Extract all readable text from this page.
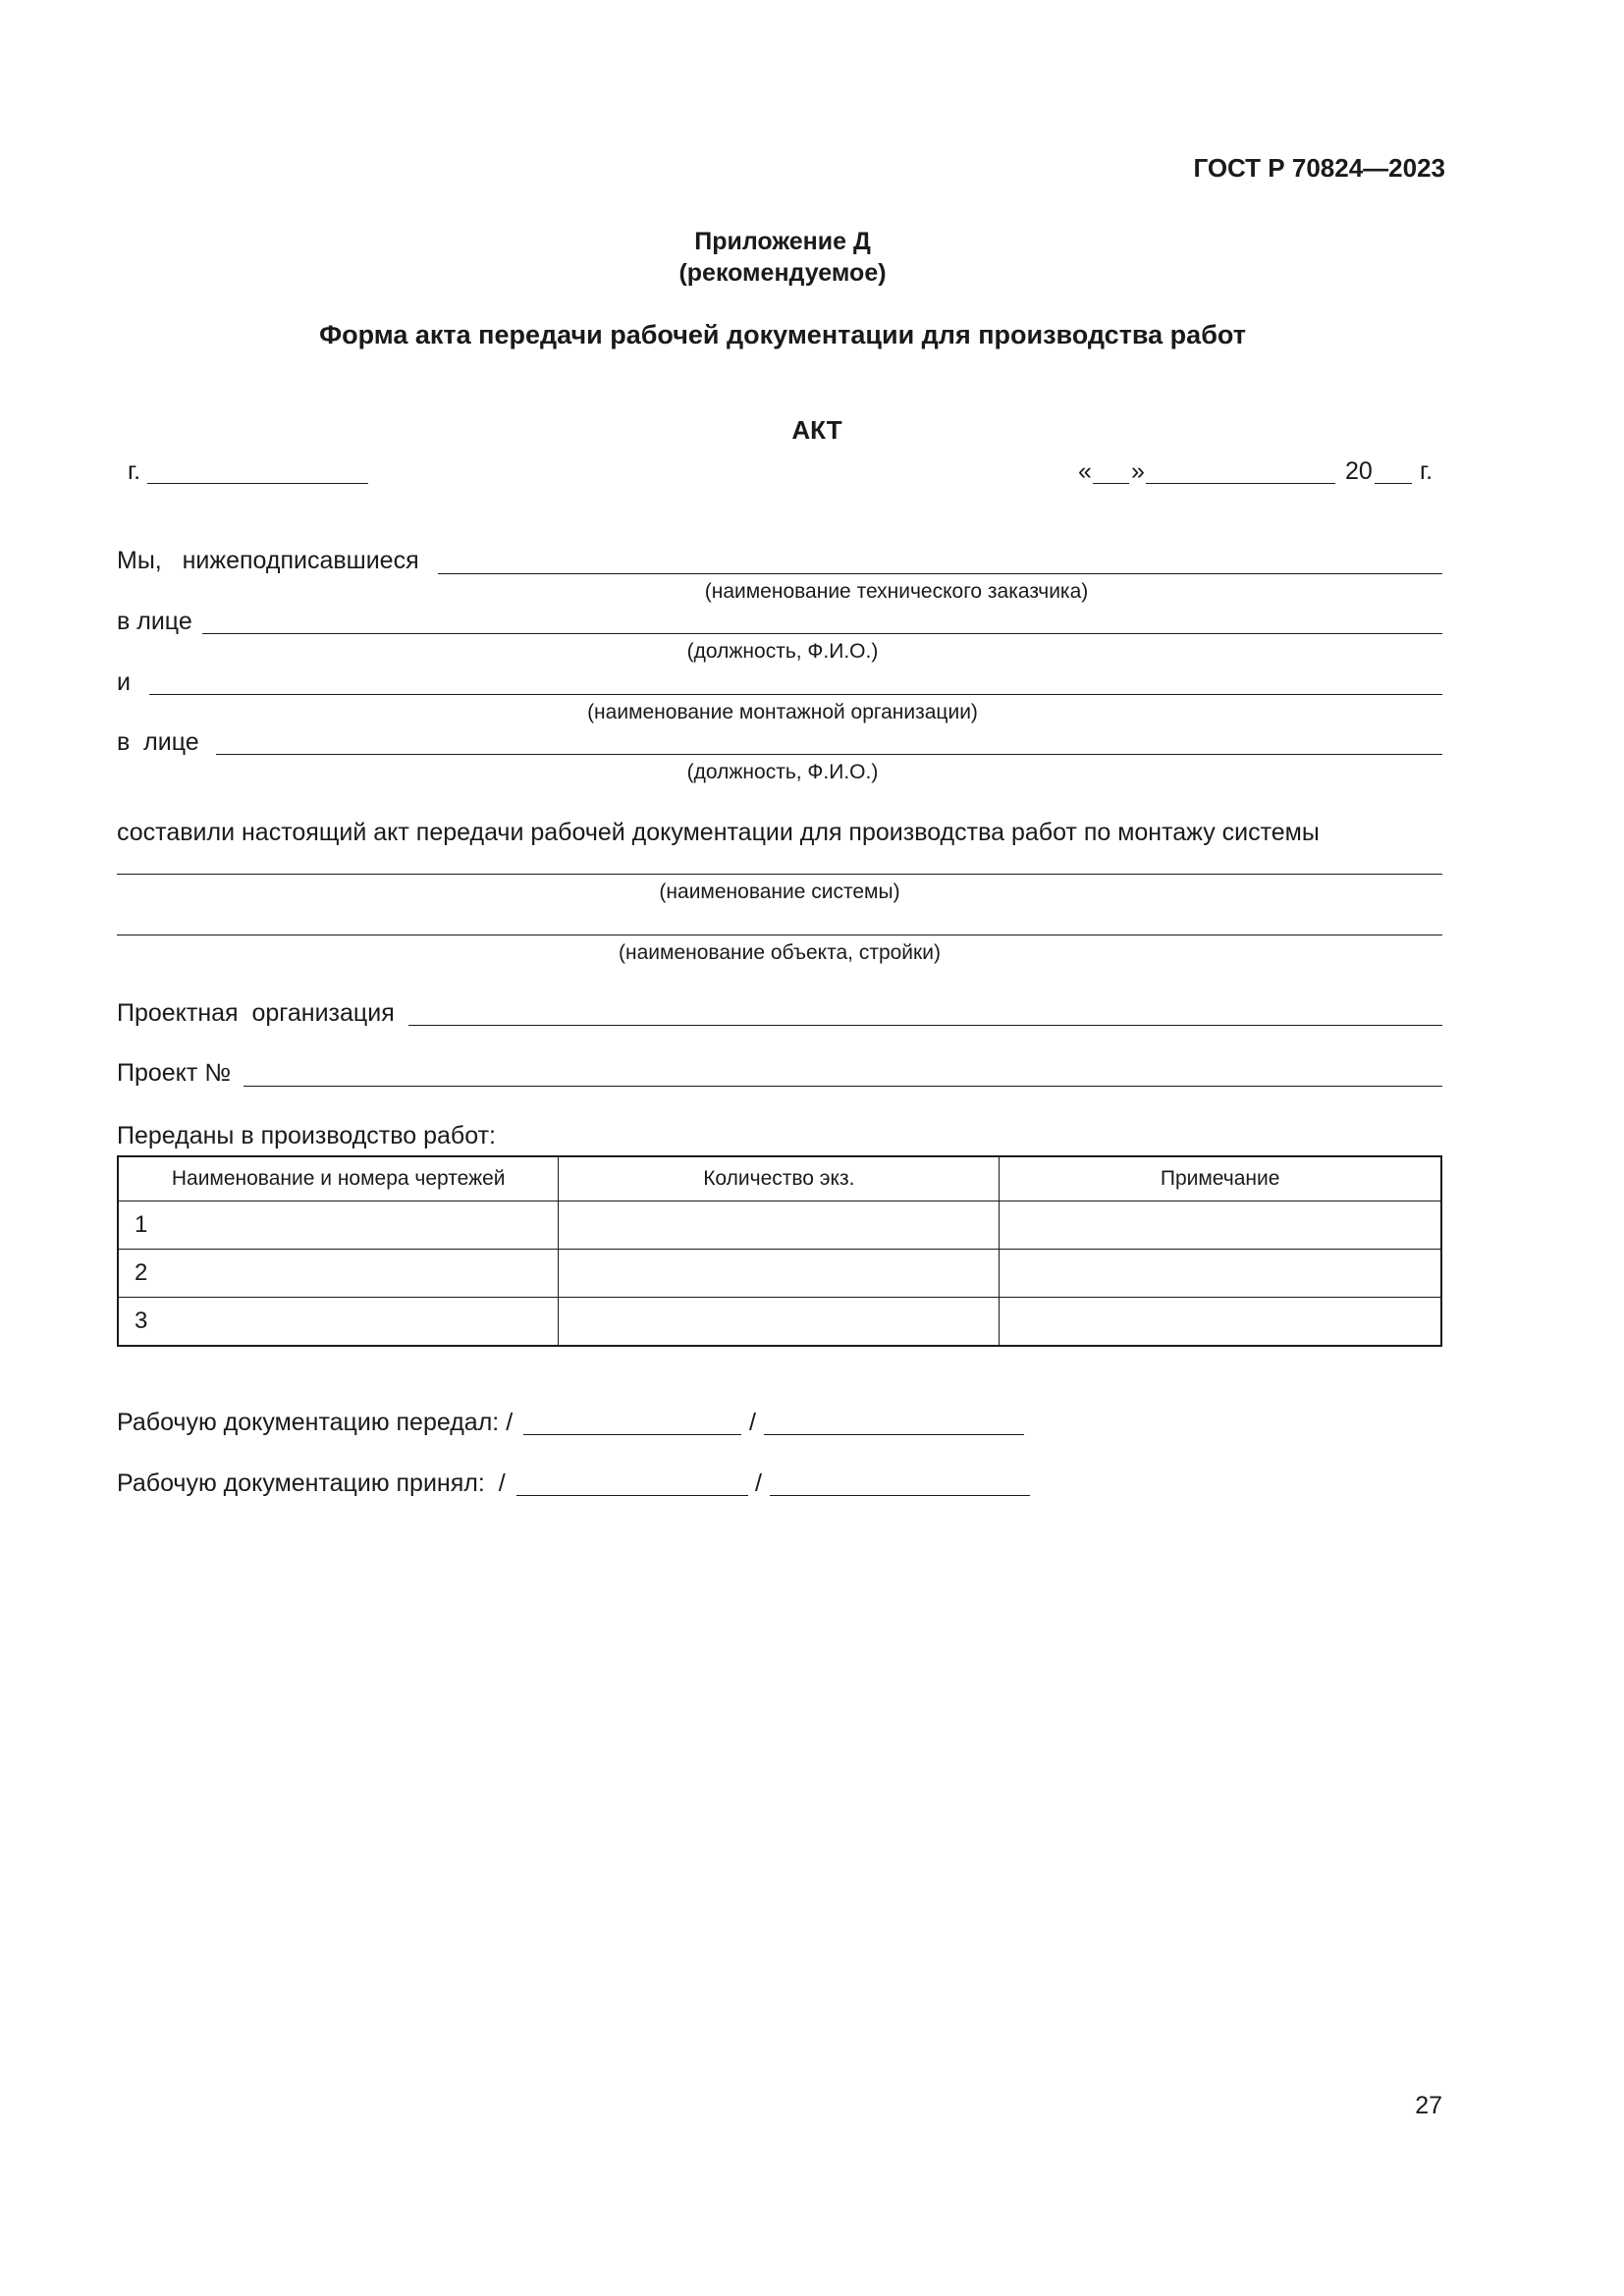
ГОСТ Р 70824—2023
Приложение Д
(рекомендуемое)
Форма акта передачи рабочей документации для производства работ
АКТ
г.	« »	20 г.
Мы,   нижеподписавшиеся
(наименование технического заказчика)
в лице
(должность, Ф.И.О.)
и
(наименование монтажной организации)
в  лице
(должность, Ф.И.О.)
составили настоящий акт передачи рабочей документации для производства работ по монтажу системы
(наименование системы)
(наименование объекта, стройки)
Проектная  организация
Проект №
Переданы в производство работ:
Наименование и номера чертежей	Количество экз.	Примечание
1		
2		
3		
Рабочую документацию передал: /	/
Рабочую документацию принял:  /	/
27
